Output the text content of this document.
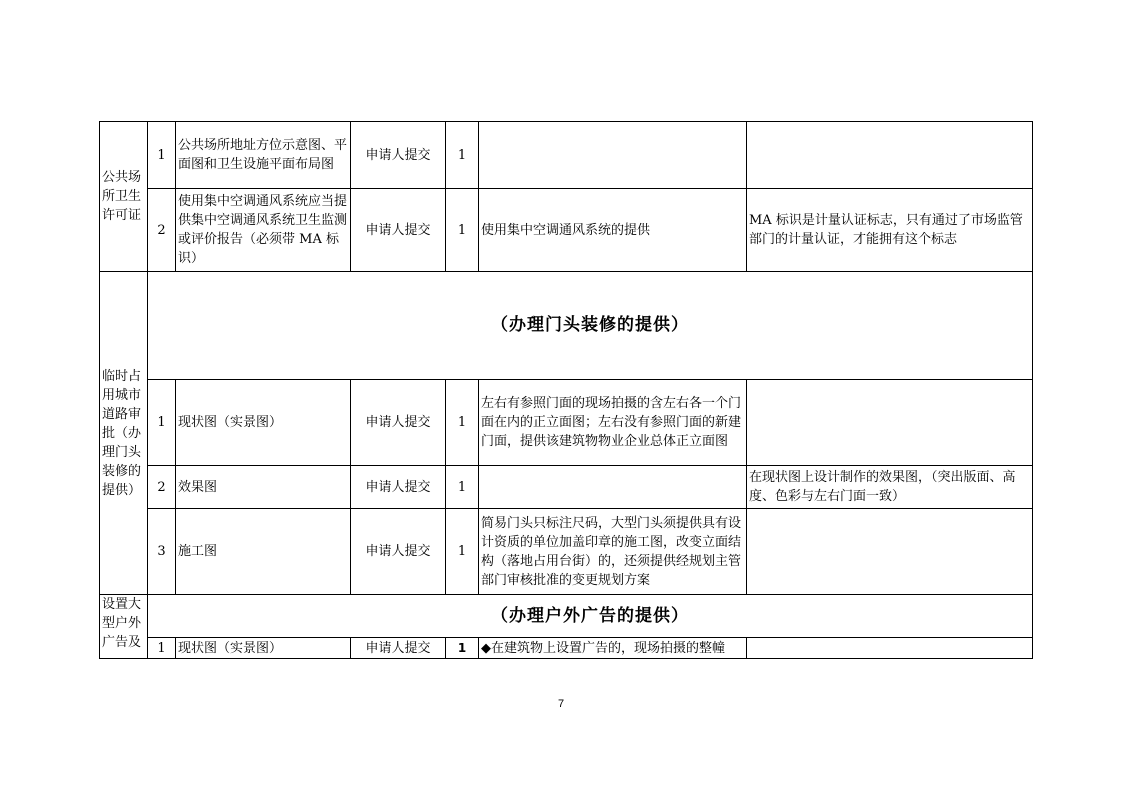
公共场所卫生许可证	1	公共场所地址方位示意图、平面图和卫生设施平面布局图	申请人提交	1		
	2	使用集中空调通风系统应当提供集中空调通风系统卫生监测或评价报告（必须带 MA 标识）	申请人提交	1	使用集中空调通风系统的提供	MA 标识是计量认证标志，只有通过了市场监管部门的计量认证，才能拥有这个标志
临时占用城市道路审批（办理门头装修的提供）	（办理门头装修的提供）					
	1	现状图（实景图）	申请人提交	1	左右有参照门面的现场拍摄的含左右各一个门面在内的正立面图；左右没有参照门面的新建门面，提供该建筑物物业企业总体正立面图	
	2	效果图	申请人提交	1		在现状图上设计制作的效果图，（突出版面、高度、色彩与左右门面一致）
	3	施工图	申请人提交	1	简易门头只标注尺码，大型门头须提供具有设计资质的单位加盖印章的施工图，改变立面结构（落地占用台街）的，还须提供经规划主管部门审核批准的变更规划方案	
设置大型户外广告及	（办理户外广告的提供）					
	1	现状图（实景图）	申请人提交	1	◆在建筑物上设置广告的，现场拍摄的整幢	
7
